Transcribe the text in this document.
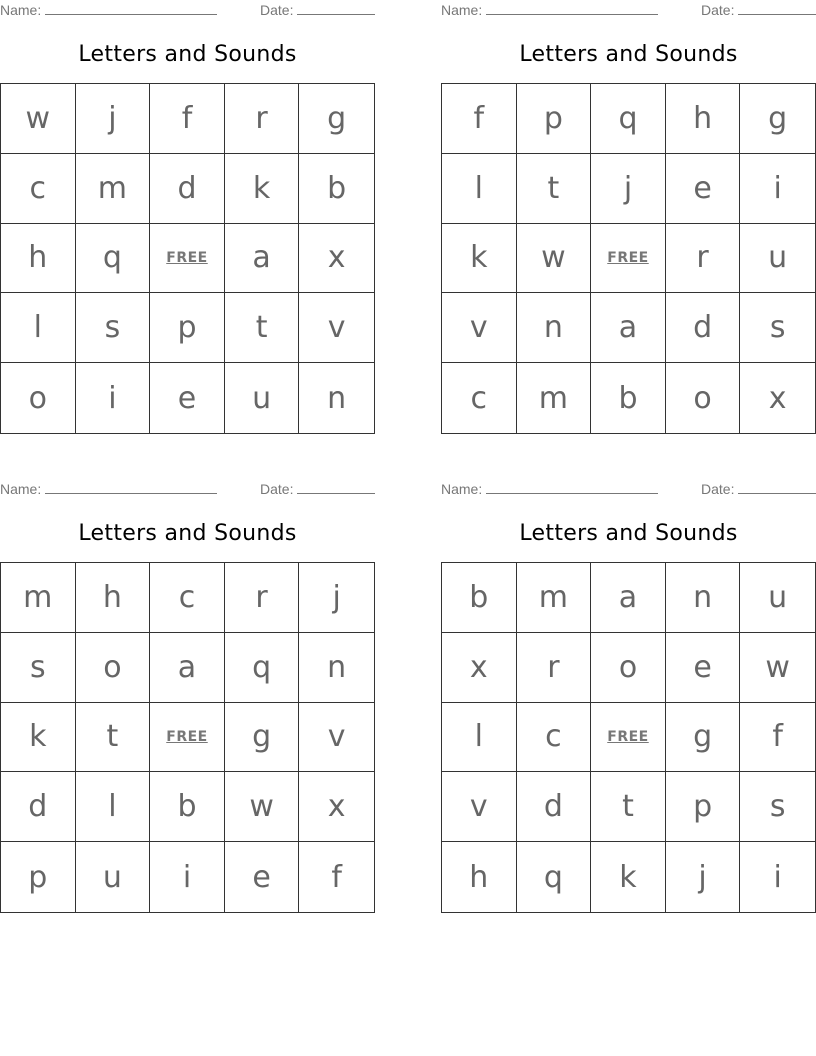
Name:	Date:
Letters and Sounds
w	j	f	r	g
c	m	d	k	b
h	q	FREE	a	x
l	s	p	t	v
o	i	e	u	n
Name:	Date:
Letters and Sounds
f	p	q	h	g
l	t	j	e	i
k	w	FREE	r	u
v	n	a	d	s
c	m	b	o	x
Name:	Date:
Letters and Sounds
m	h	c	r	j
s	o	a	q	n
k	t	FREE	g	v
d	l	b	w	x
p	u	i	e	f
Name:	Date:
Letters and Sounds
b	m	a	n	u
x	r	o	e	w
l	c	FREE	g	f
v	d	t	p	s
h	q	k	j	i
